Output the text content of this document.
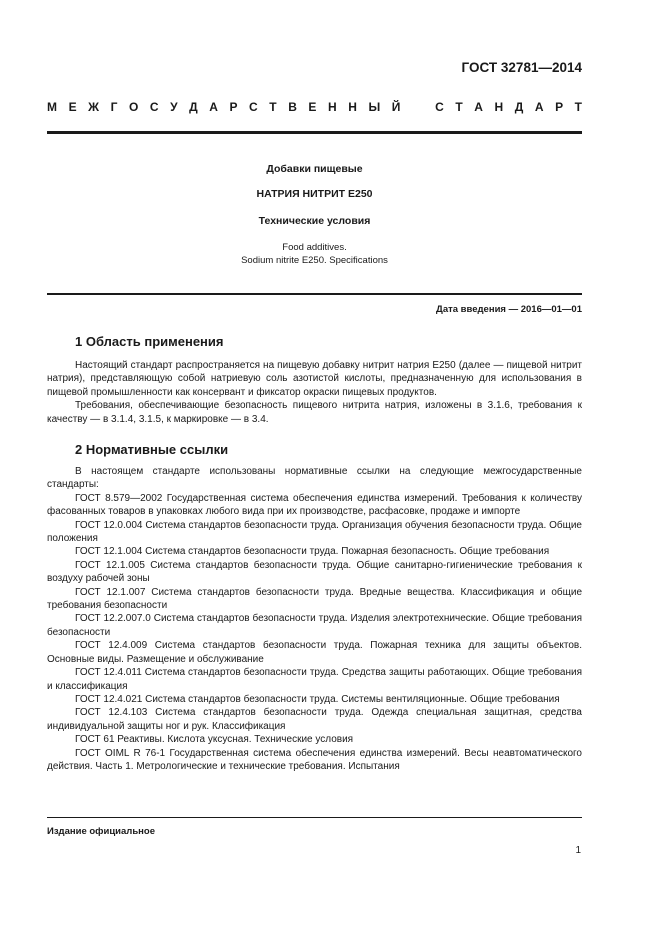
ГОСТ 32781—2014
М Е Ж Г О С У Д А Р С Т В Е Н Н Ы Й	С Т А Н Д А Р Т
Добавки пищевые
НАТРИЯ НИТРИТ Е250
Технические условия
Food additives.
Sodium nitrite E250. Specifications
Дата введения — 2016—01—01
1 Область применения

Настоящий стандарт распространяется на пищевую добавку нитрит натрия E250 (далее — пищевой нитрит натрия), представляющую собой натриевую соль азотистой кислоты, предназначенную для использования в пищевой промышленности как консервант и фиксатор окраски пищевых продуктов.

Требования, обеспечивающие безопасность пищевого нитрита натрия, изложены в 3.1.6, требования к качеству — в 3.1.4, 3.1.5, к маркировке — в 3.4.

2 Нормативные ссылки

В настоящем стандарте использованы нормативные ссылки на следующие межгосударственные стандарты:

ГОСТ 8.579—2002 Государственная система обеспечения единства измерений. Требования к количеству фасованных товаров в упаковках любого вида при их производстве, расфасовке, продаже и импорте

ГОСТ 12.0.004 Система стандартов безопасности труда. Организация обучения безопасности труда. Общие положения

ГОСТ 12.1.004 Система стандартов безопасности труда. Пожарная безопасность. Общие требования

ГОСТ 12.1.005 Система стандартов безопасности труда. Общие санитарно-гигиенические требования к воздуху рабочей зоны

ГОСТ 12.1.007 Система стандартов безопасности труда. Вредные вещества. Классификация и общие требования безопасности

ГОСТ 12.2.007.0 Система стандартов безопасности труда. Изделия электротехнические. Общие требования безопасности

ГОСТ 12.4.009 Система стандартов безопасности труда. Пожарная техника для защиты объектов. Основные виды. Размещение и обслуживание

ГОСТ 12.4.011 Система стандартов безопасности труда. Средства защиты работающих. Общие требования и классификация

ГОСТ 12.4.021 Система стандартов безопасности труда. Системы вентиляционные. Общие требования

ГОСТ 12.4.103 Система стандартов безопасности труда. Одежда специальная защитная, средства индивидуальной защиты ног и рук. Классификация

ГОСТ 61 Реактивы. Кислота уксусная. Технические условия

ГОСТ OIML R 76-1 Государственная система обеспечения единства измерений. Весы неавтоматического действия. Часть 1. Метрологические и технические требования. Испытания

Издание официальное
1
